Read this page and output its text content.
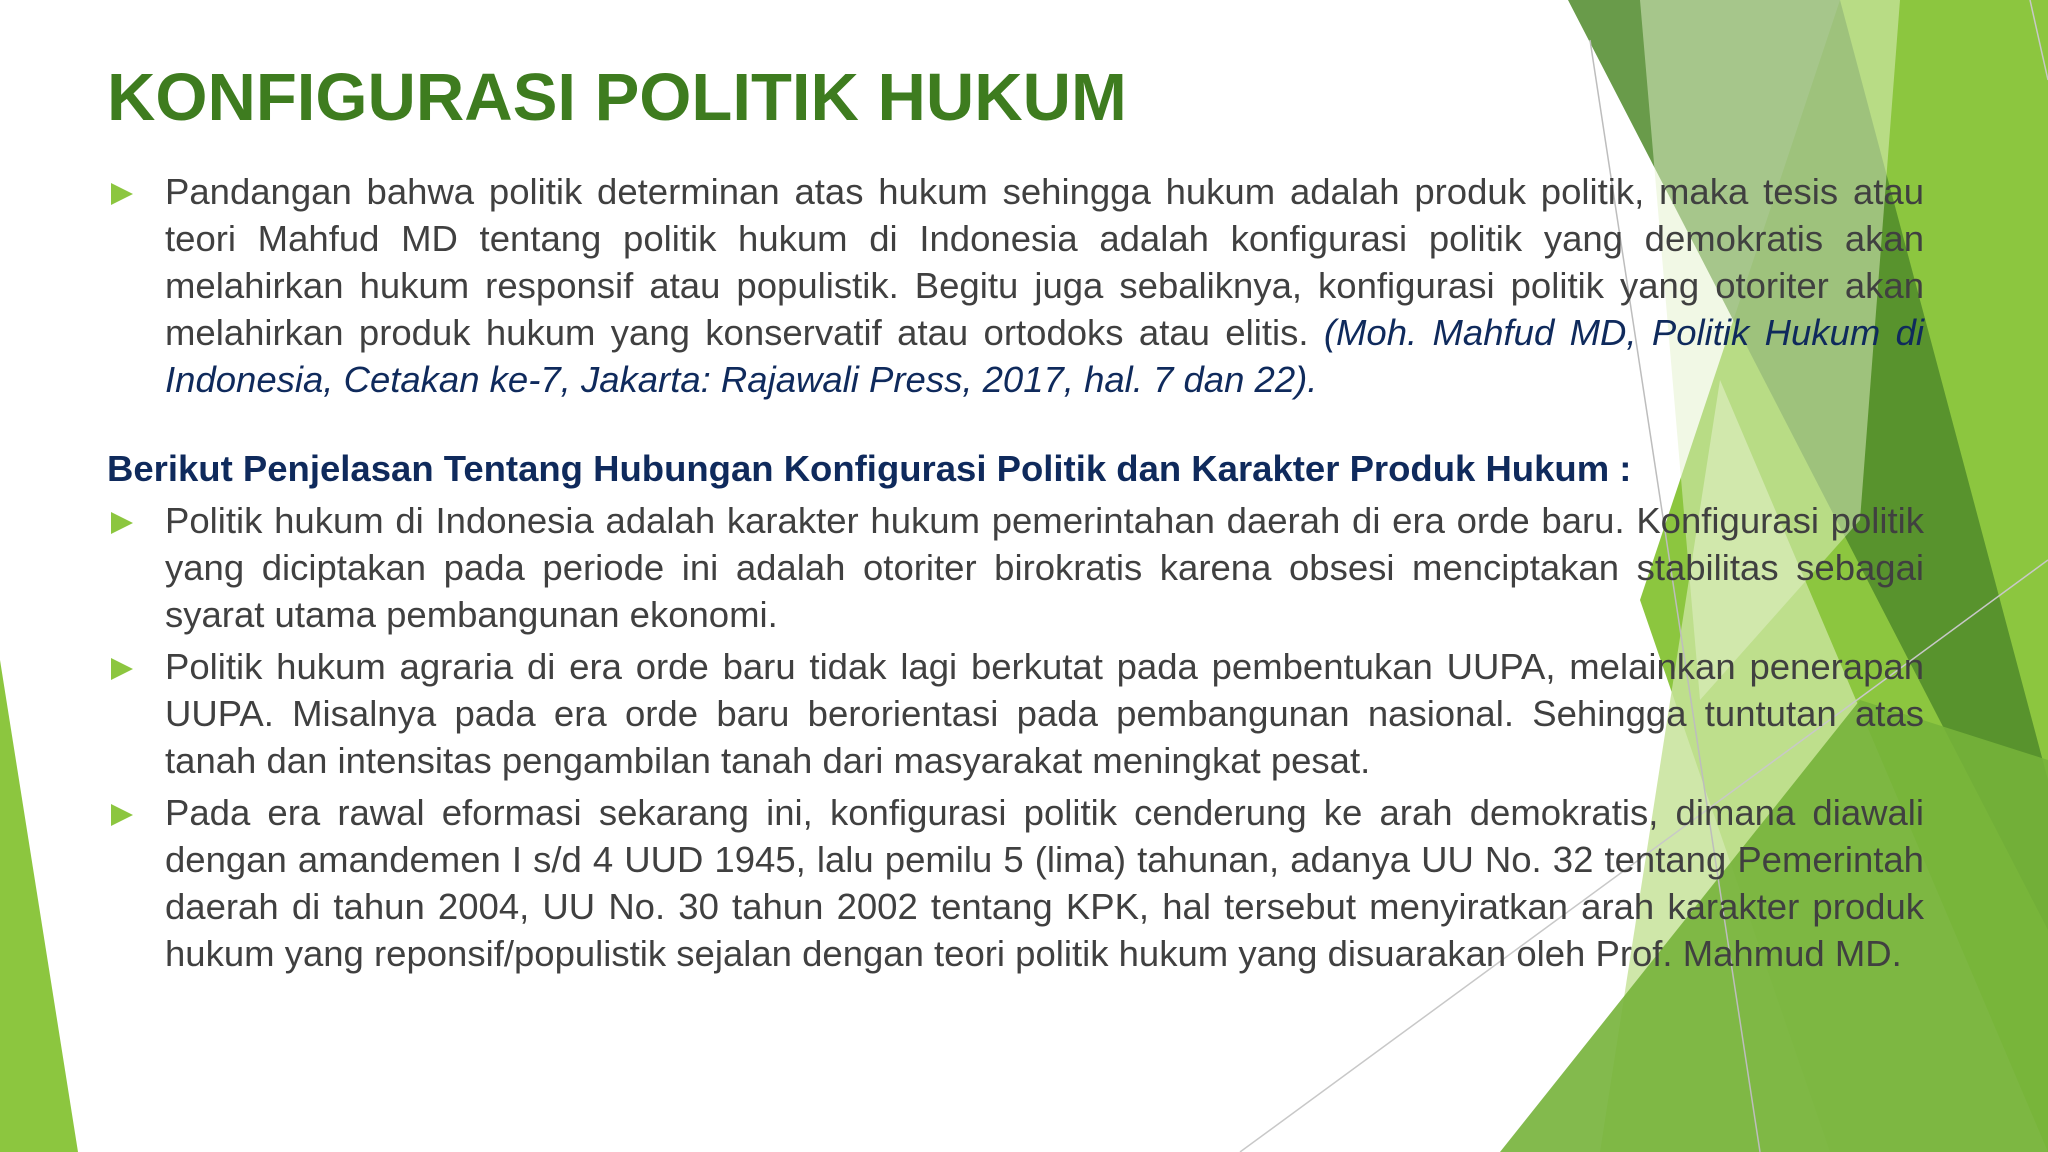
KONFIGURASI POLITIK HUKUM
Pandangan bahwa politik determinan atas hukum sehingga hukum adalah produk politik, maka tesis atau teori Mahfud MD tentang politik hukum di Indonesia adalah konfigurasi politik yang demokratis akan melahirkan hukum responsif atau populistik. Begitu juga sebaliknya, konfigurasi politik yang otoriter akan melahirkan produk hukum yang konservatif atau ortodoks atau elitis. (Moh. Mahfud MD, Politik Hukum di Indonesia, Cetakan ke-7, Jakarta: Rajawali Press, 2017, hal. 7 dan 22).
Berikut Penjelasan Tentang Hubungan Konfigurasi Politik dan Karakter Produk Hukum :
Politik hukum di Indonesia adalah karakter hukum pemerintahan daerah di era orde baru. Konfigurasi politik yang diciptakan pada periode ini adalah otoriter birokratis karena obsesi menciptakan stabilitas sebagai syarat utama pembangunan ekonomi.
Politik hukum agraria di era orde baru tidak lagi berkutat pada pembentukan UUPA, melainkan penerapan UUPA. Misalnya pada era orde baru berorientasi pada pembangunan nasional. Sehingga tuntutan atas tanah dan intensitas pengambilan tanah dari masyarakat meningkat pesat.
Pada era rawal eformasi sekarang ini, konfigurasi politik cenderung ke arah demokratis, dimana diawali dengan amandemen I s/d 4 UUD 1945, lalu pemilu 5 (lima) tahunan, adanya UU No. 32 tentang Pemerintah daerah di tahun 2004, UU No. 30 tahun 2002 tentang KPK, hal tersebut menyiratkan arah karakter produk hukum yang reponsif/populistik sejalan dengan teori politik hukum yang disuarakan oleh Prof. Mahmud MD.
